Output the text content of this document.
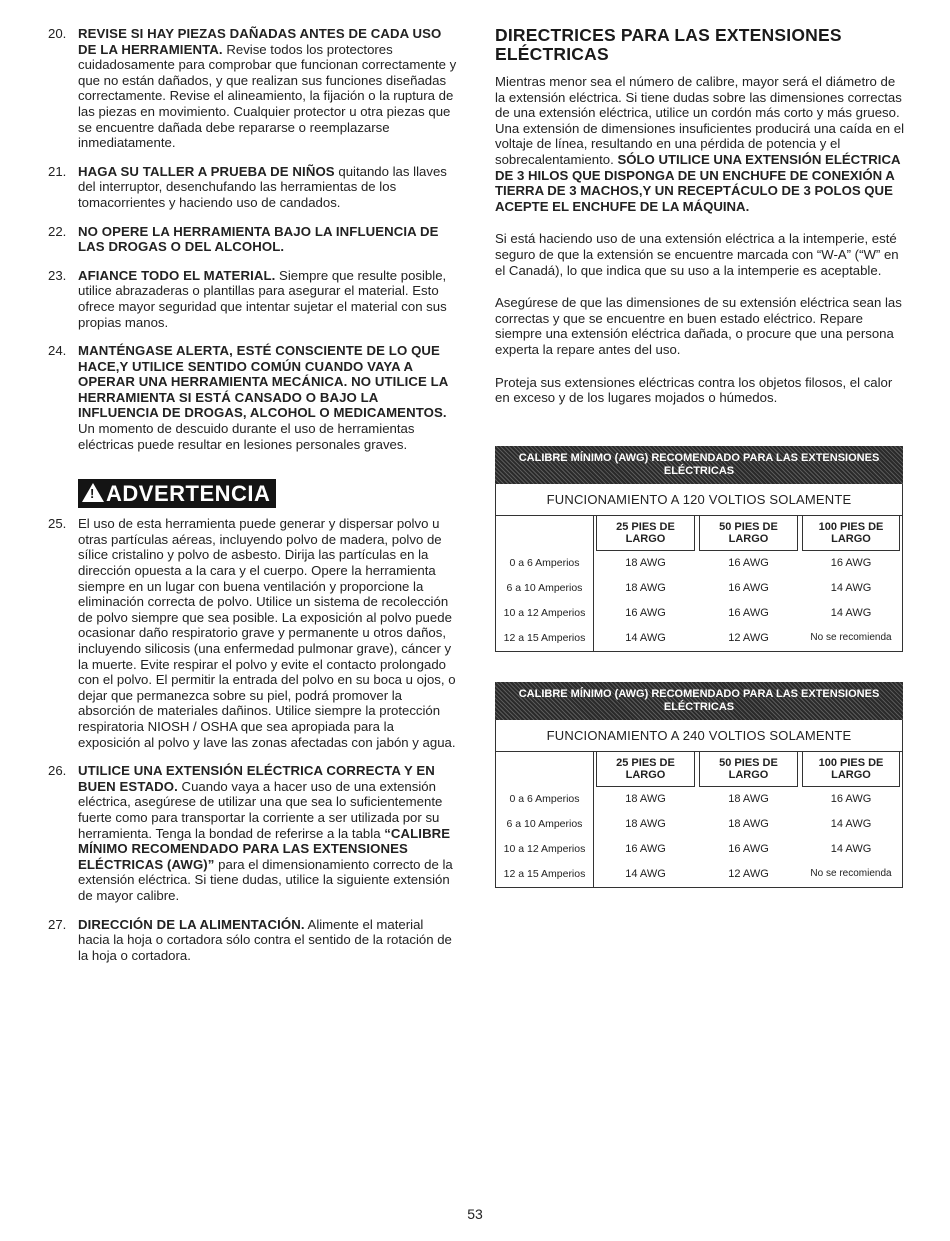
20. REVISE SI HAY PIEZAS DAÑADAS ANTES DE CADA USO DE LA HERRAMIENTA. Revise todos los protectores cuidadosamente para comprobar que funcionan correctamente y que no están dañados, y que realizan sus funciones diseñadas correctamente. Revise el alineamiento, la fijación o la ruptura de las piezas en movimiento. Cualquier protector u otra piezas que se encuentre dañada debe repararse o reemplazarse inmediatamente.
21. HAGA SU TALLER A PRUEBA DE NIÑOS quitando las llaves del interruptor, desenchufando las herramientas de los tomacorrientes y haciendo uso de candados.
22. NO OPERE LA HERRAMIENTA BAJO LA INFLUENCIA DE LAS DROGAS O DEL ALCOHOL.
23. AFIANCE TODO EL MATERIAL. Siempre que resulte posible, utilice abrazaderas o plantillas para asegurar el material. Esto ofrece mayor seguridad que intentar sujetar el material con sus propias manos.
24. MANTÉNGASE ALERTA, ESTÉ CONSCIENTE DE LO QUE HACE,Y UTILICE SENTIDO COMÚN CUANDO VAYA A OPERAR UNA HERRAMIENTA MECÁNICA. NO UTILICE LA HERRAMIENTA SI ESTÁ CANSADO O BAJO LA INFLUENCIA DE DROGAS, ALCOHOL O MEDICAMENTOS. Un momento de descuido durante el uso de herramientas eléctricas puede resultar en lesiones personales graves.
! ADVERTENCIA
25. El uso de esta herramienta puede generar y dispersar polvo u otras partículas aéreas, incluyendo polvo de madera, polvo de sílice cristalino y polvo de asbesto. Dirija las partículas en la dirección opuesta a la cara y el cuerpo. Opere la herramienta siempre en un lugar con buena ventilación y proporcione la eliminación correcta de polvo. Utilice un sistema de recolección de polvo siempre que sea posible. La exposición al polvo puede ocasionar daño respiratorio grave y permanente u otros daños, incluyendo silicosis (una enfermedad pulmonar grave), cáncer y la muerte. Evite respirar el polvo y evite el contacto prolongado con el polvo. El permitir la entrada del polvo en su boca u ojos, o dejar que permanezca sobre su piel, podrá promover la absorción de materiales dañinos. Utilice siempre la protección respiratoria NIOSH / OSHA que sea apropiada para la exposición al polvo y lave las zonas afectadas con jabón y agua.
26. UTILICE UNA EXTENSIÓN ELÉCTRICA CORRECTA Y EN BUEN ESTADO. Cuando vaya a hacer uso de una extensión eléctrica, asegúrese de utilizar una que sea lo suficientemente fuerte como para transportar la corriente a ser utilizada por su herramienta. Tenga la bondad de referirse a la tabla “CALIBRE MÍNIMO RECOMENDADO PARA LAS EXTENSIONES ELÉCTRICAS (AWG)” para el dimensionamiento correcto de la extensión eléctrica. Si tiene dudas, utilice la siguiente extensión de mayor calibre.
27. DIRECCIÓN DE LA ALIMENTACIÓN. Alimente el material hacia la hoja o cortadora sólo contra el sentido de la rotación de la hoja o cortadora.
DIRECTRICES PARA LAS EXTENSIONES ELÉCTRICAS

Mientras menor sea el número de calibre, mayor será el diámetro de la extensión eléctrica. Si tiene dudas sobre las dimensiones correctas de una extensión eléctrica, utilice un cordón más corto y más grueso. Una extensión de dimensiones insuficientes producirá una caída en el voltaje de línea, resultando en una pérdida de potencia y el sobrecalentamiento. SÓLO UTILICE UNA EXTENSIÓN ELÉCTRICA DE 3 HILOS QUE DISPONGA DE UN ENCHUFE DE CONEXIÓN A TIERRA DE 3 MACHOS,Y UN RECEPTÁCULO DE 3 POLOS QUE ACEPTE EL ENCHUFE DE LA MÁQUINA.

Si está haciendo uso de una extensión eléctrica a la intemperie, esté seguro de que la extensión se encuentre marcada con “W-A” (“W” en el Canadá), lo que indica que su uso a la intemperie es aceptable.

Asegúrese de que las dimensiones de su extensión eléctrica sean las correctas y que se encuentre en buen estado eléctrico. Repare siempre una extensión eléctrica dañada, o procure que una persona experta la repare antes del uso.

Proteja sus extensiones eléctricas contra los objetos filosos, el calor en exceso y de los lugares mojados o húmedos.

CALIBRE MÍNIMO (AWG) RECOMENDADO PARA LAS EXTENSIONES ELÉCTRICAS
FUNCIONAMIENTO A 120 VOLTIOS SOLAMENTE
25 PIES DE LARGO
50 PIES DE LARGO
100 PIES DE LARGO
0 a 6 Amperios	18 AWG	16 AWG	16 AWG
6 a 10 Amperios	18 AWG	16 AWG	14 AWG
10 a 12 Amperios	16 AWG	16 AWG	14 AWG
12 a 15 Amperios	14 AWG	12 AWG	No se recomienda
CALIBRE MÍNIMO (AWG) RECOMENDADO PARA LAS EXTENSIONES ELÉCTRICAS
FUNCIONAMIENTO A 240 VOLTIOS SOLAMENTE
25 PIES DE LARGO
50 PIES DE LARGO
100 PIES DE LARGO
0 a 6 Amperios	18 AWG	18 AWG	16 AWG
6 a 10 Amperios	18 AWG	18 AWG	14 AWG
10 a 12 Amperios	16 AWG	16 AWG	14 AWG
12 a 15 Amperios	14 AWG	12 AWG	No se recomienda
53
